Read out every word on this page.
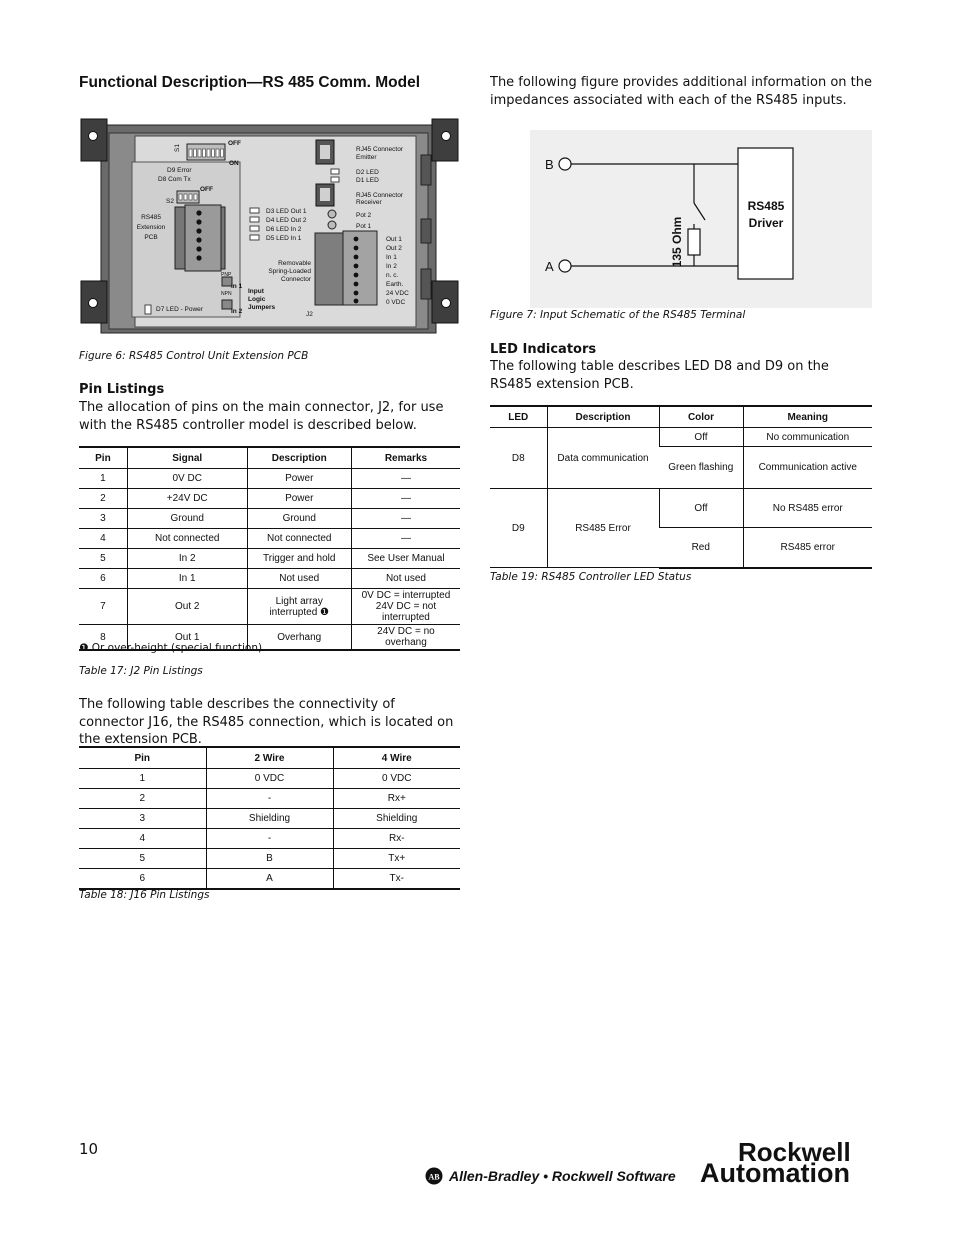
Functional Description—RS 485 Comm. Model
S1
OFF
ON
D9 Error
D8 Com Tx
OFF
S2
RS485
Extension
PCB
D3 LED Out 1
D4 LED Out 2
D6 LED In 2
D5 LED In 1
RJ45 Connector
Emitter
D2 LED
D1 LED
RJ45 Connector
Receiver
Pot 2
Pot 1
Out 1
Out 2
In 1
In 2
n. c.
Earth.
24 VDC
0 VDC
Removable
Spring-Loaded
Connector
In 1
In 2
PNP
NPN	Input
Logic
Jumpers
J2
D7 LED - Power
Figure 6: RS485 Control Unit Extension PCB
Pin Listings
The allocation of pins on the main connector, J2, for use with the RS485 controller model is described below.
Pin	Signal	Description	Remarks
1	0V DC	Power	—
2	+24V DC	Power	—
3	Ground	Ground	—
4	Not connected	Not connected	—
5	In 2	Trigger and hold	See User Manual
6	In 1	Not used	Not used
7	Out 2	Light array interrupted ❶	0V DC = interrupted
24V DC = not interrupted
8	Out 1	Overhang	24V DC = no overhang
❶ Or over-height (special function)
Table 17: J2 Pin Listings
The following table describes the connectivity of connector J16, the RS485 connection, which is located on the extension PCB.
Pin	2 Wire	4 Wire
1	0 VDC	0 VDC
2	-	Rx+
3	Shielding	Shielding
4	-	Rx-
5	B	Tx+
6	A	Tx-
Table 18: J16 Pin Listings
The following figure provides additional information on the impedances associated with each of the RS485 inputs.
B
A	135 Ohm
RS485
Driver
Figure 7: Input Schematic of the RS485 Terminal
LED Indicators
The following table describes LED D8 and D9 on the RS485 extension PCB.
LED	Description	Color	Meaning
D8	Data communication	Off	No communication
		Green flashing	Communication active
D9	RS485 Error	Off	No RS485 error
		Red	RS485 error
Table 19: RS485 Controller LED Status
10
AB Allen-Bradley • Rockwell Software
Rockwell
Automation
